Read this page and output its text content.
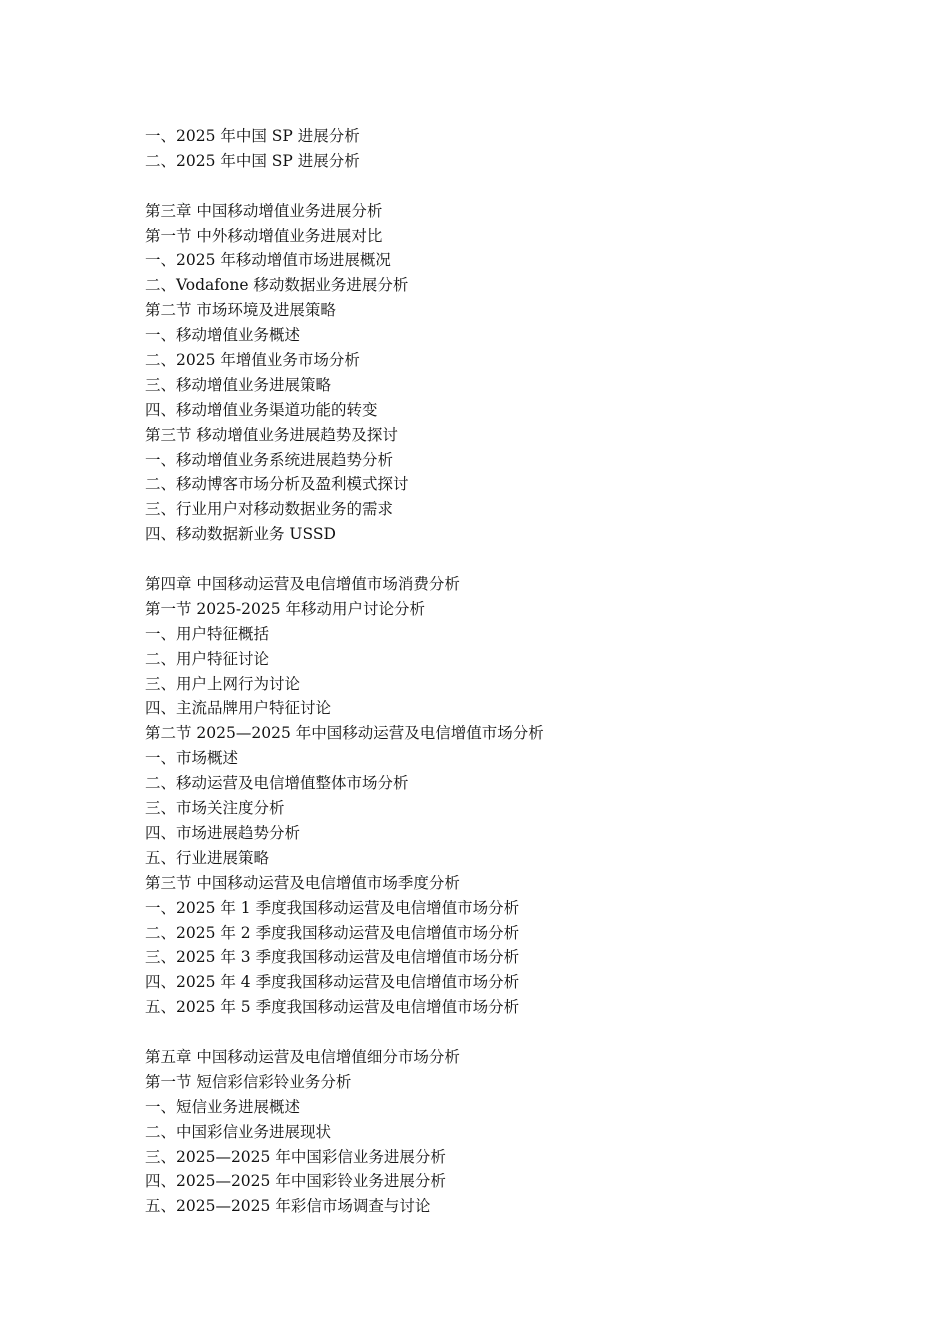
一、2025 年中国 SP 进展分析
二、2025 年中国 SP 进展分析
第三章 中国移动增值业务进展分析
第一节 中外移动增值业务进展对比
一、2025 年移动增值市场进展概况
二、Vodafone 移动数据业务进展分析
第二节 市场环境及进展策略
一、移动增值业务概述
二、2025 年增值业务市场分析
三、移动增值业务进展策略
四、移动增值业务渠道功能的转变
第三节 移动增值业务进展趋势及探讨
一、移动增值业务系统进展趋势分析
二、移动博客市场分析及盈利模式探讨
三、行业用户对移动数据业务的需求
四、移动数据新业务 USSD
第四章 中国移动运营及电信增值市场消费分析
第一节 2025-2025 年移动用户讨论分析
一、用户特征概括
二、用户特征讨论
三、用户上网行为讨论
四、主流品牌用户特征讨论
第二节 2025—2025 年中国移动运营及电信增值市场分析
一、市场概述
二、移动运营及电信增值整体市场分析
三、市场关注度分析
四、市场进展趋势分析
五、行业进展策略
第三节 中国移动运营及电信增值市场季度分析
一、2025 年 1 季度我国移动运营及电信增值市场分析
二、2025 年 2 季度我国移动运营及电信增值市场分析
三、2025 年 3 季度我国移动运营及电信增值市场分析
四、2025 年 4 季度我国移动运营及电信增值市场分析
五、2025 年 5 季度我国移动运营及电信增值市场分析
第五章 中国移动运营及电信增值细分市场分析
第一节 短信彩信彩铃业务分析
一、短信业务进展概述
二、中国彩信业务进展现状
三、2025—2025 年中国彩信业务进展分析
四、2025—2025 年中国彩铃业务进展分析
五、2025—2025 年彩信市场调查与讨论
